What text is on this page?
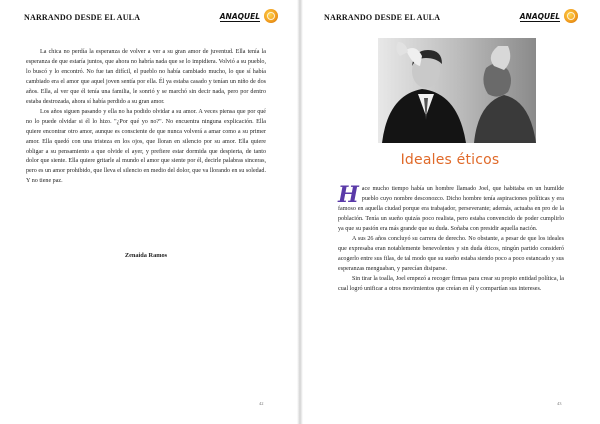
NARRANDO DESDE EL AULA	ANAQUEL

La chica no perdía la esperanza de volver a ver a su gran amor de juventud. Ella tenía la esperanza de que estaría juntos, que ahora no habría nada que se lo impidiera. Volvió a su pueblo, lo buscó y lo encontró. No fue tan difícil, el pueblo no había cambiado mucho, lo que sí había cambiado era el amor que aquel joven sentía por ella. Él ya estaba casado y tenían un niño de dos años. Ella, al ver que él tenía una familia, le sonrió y se marchó sin decir nada, pero por dentro estaba destrozada, ahora sí había perdido a su gran amor.

Los años siguen pasando y ella no ha podido olvidar a su amor. A veces piensa que por qué no lo puede olvidar si él lo hizo. "¿Por qué yo no?". No encuentra ninguna explicación. Ella quiere encontrar otro amor, aunque es consciente de que nunca volverá a amar como a su primer amor. Ella quedó con una tristeza en los ojos, que lloran en silencio por su amor. Ella quiere obligar a su pensamiento a que olvide el ayer, y prefiere estar dormida que despierta, de tanto dolor que siente. Ella quiere gritarle al mundo el amor que siente por él, decirle palabras sinceras, pero es un amor prohibido, que lleva el silencio en medio del dolor, que va llorando en su soledad. Y no tiene paz.

Zenaida Ramos
42
NARRANDO DESDE EL AULA	ANAQUEL
Ideales éticos

Hace mucho tiempo había un hombre llamado Joel, que habitaba en un humilde pueblo cuyo nombre desconozco. Dicho hombre tenía aspiraciones políticas y era famoso en aquella ciudad porque era trabajador, perseverante; además, actuaba en pro de la población. Tenía un sueño quizás poco realista, pero estaba convencido de poder cumplirlo ya que su pasión era más grande que su duda. Soñaba con presidir aquella nación.

A sus 26 años concluyó su carrera de derecho. No obstante, a pesar de que los ideales que expresaba eran notablemente benevolentes y sin duda éticos, ningún partido consideró acogerlo entre sus filas, de tal modo que su sueño estaba siendo poco a poco estancado y sus esperanzas menguaban, y parecían disiparse.

Sin tirar la toalla, Joel empezó a recoger firmas para crear su propio entidad política, la cual logró unificar a otros movimientos que creían en él y compartían sus intereses.

43
